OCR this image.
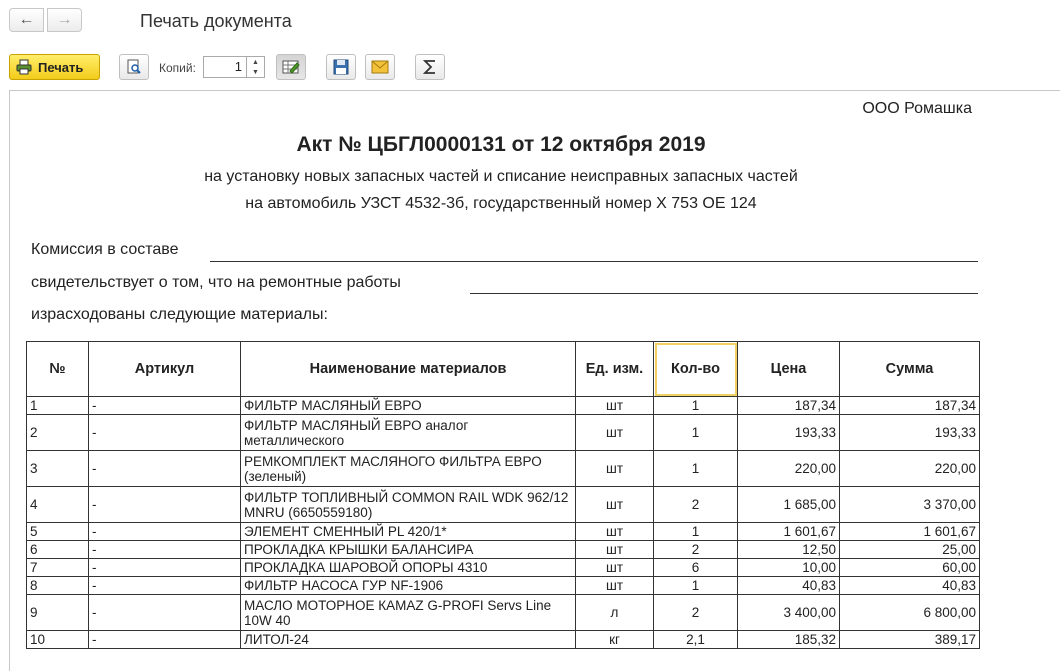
← →	Печать документа
Печать	Копий:	1	▲
▼
ООО Ромашка
Акт № ЦБГЛ0000131 от 12 октября 2019
на установку новых запасных частей и списание неисправных запасных частей
на автомобиль УЗСТ 4532-3б, государственный номер Х 753 ОЕ 124
Комиссия в составе
свидетельствует о том, что на ремонтные работы
израсходованы следующие материалы:
№	Артикул	Наименование материалов	Ед. изм.	Кол-во	Цена	Сумма
1	-	ФИЛЬТР МАСЛЯНЫЙ ЕВРО	шт	1	187,34	187,34
2	-	ФИЛЬТР МАСЛЯНЫЙ ЕВРО аналог металлического	шт	1	193,33	193,33
3	-	РЕМКОМПЛЕКТ МАСЛЯНОГО ФИЛЬТРА ЕВРО (зеленый)	шт	1	220,00	220,00
4	-	ФИЛЬТР ТОПЛИВНЫЙ COMMON RAIL WDK 962/12 MNRU (6650559180)	шт	2	1 685,00	3 370,00
5	-	ЭЛЕМЕНТ СМЕННЫЙ PL 420/1*	шт	1	1 601,67	1 601,67
6	-	ПРОКЛАДКА КРЫШКИ БАЛАНСИРА	шт	2	12,50	25,00
7	-	ПРОКЛАДКА ШАРОВОЙ ОПОРЫ 4310	шт	6	10,00	60,00
8	-	ФИЛЬТР НАСОСА ГУР NF-1906	шт	1	40,83	40,83
9	-	МАСЛО МОТОРНОЕ КАМАZ G-PROFI Servs Line 10W 40	л	2	3 400,00	6 800,00
10	-	ЛИТОЛ-24	кг	2,1	185,32	389,17
